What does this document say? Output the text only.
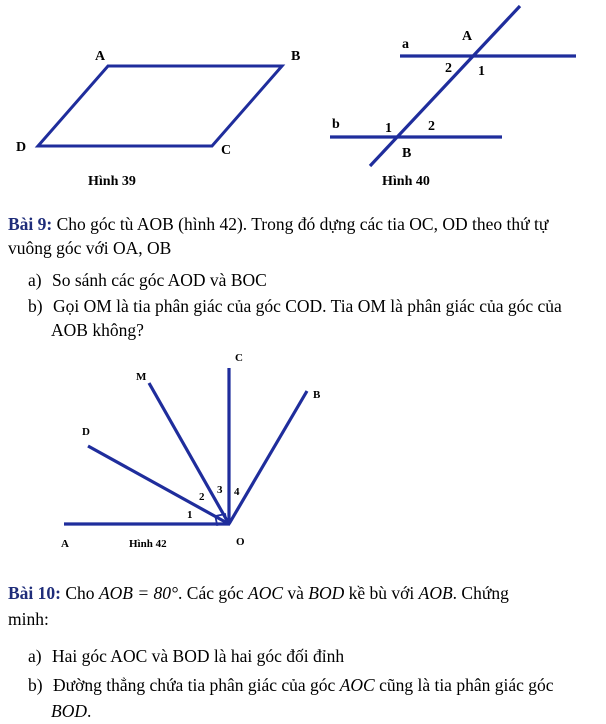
A	B
C
D
Hình 39
a
A
2 1
b	1	2
B
Hình 40
C
B
M
D
3 4
2
1
A	Hình 42	O
Bài 9: Cho góc tù AOB (hình 42). Trong đó dựng các tia OC, OD theo thứ tự
vuông góc với OA, OB
a) So sánh các góc AOD và BOC
b) Gọi OM là tia phân giác của góc COD. Tia OM là phân giác của góc của
AOB không?
Bài 10: Cho AOB = 80°. Các góc AOC và BOD kề bù với AOB. Chứng
minh:
a) Hai góc AOC và BOD là hai góc đối đỉnh
b) Đường thẳng chứa tia phân giác của góc AOC cũng là tia phân giác góc
BOD.
